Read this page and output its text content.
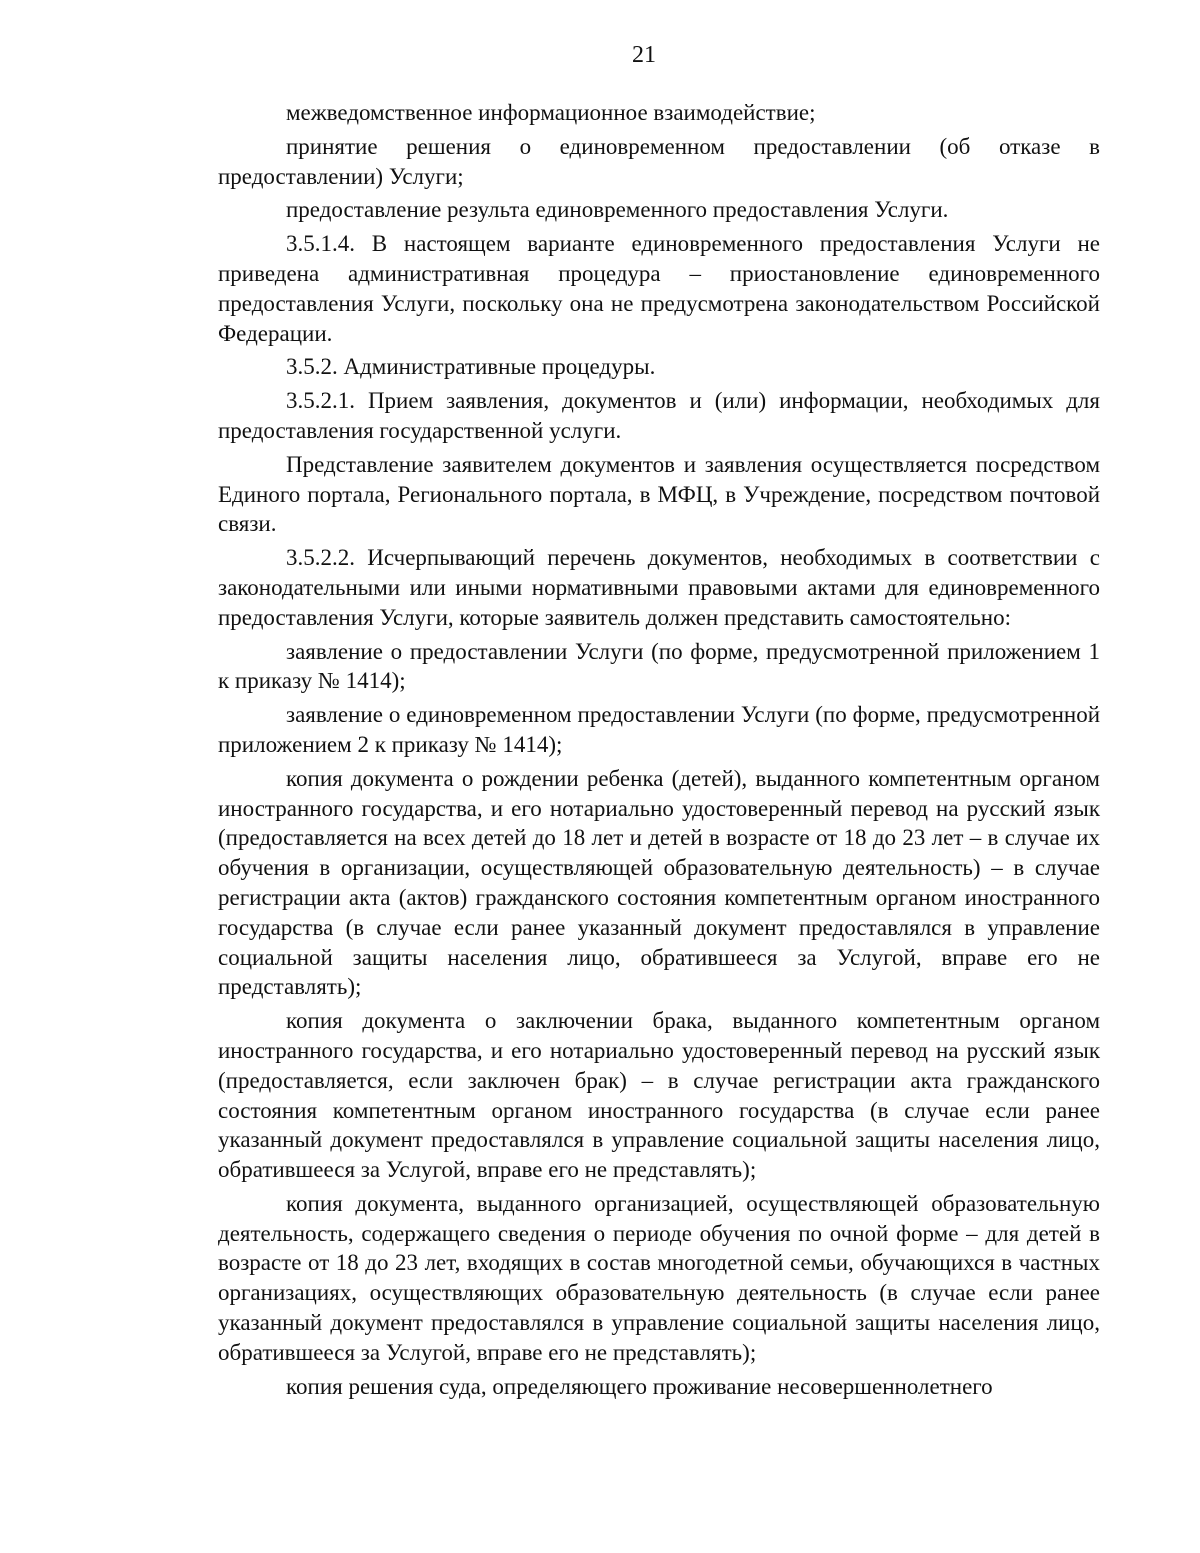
21

межведомственное информационное взаимодействие;

принятие решения о единовременном предоставлении (об отказе в предоставлении) Услуги;

предоставление результа единовременного предоставления Услуги.

3.5.1.4. В настоящем варианте единовременного предоставления Услуги не приведена административная процедура – приостановление единовременного предоставления Услуги, поскольку она не предусмотрена законодательством Российской Федерации.

3.5.2. Административные процедуры.

3.5.2.1. Прием заявления, документов и (или) информации, необходимых для предоставления государственной услуги.

Представление заявителем документов и заявления осуществляется посредством Единого портала, Регионального портала, в МФЦ, в Учреждение, посредством почтовой связи.

3.5.2.2. Исчерпывающий перечень документов, необходимых в соответствии с законодательными или иными нормативными правовыми актами для единовременного предоставления Услуги, которые заявитель должен представить самостоятельно:

заявление о предоставлении Услуги (по форме, предусмотренной приложением 1 к приказу № 1414);

заявление о единовременном предоставлении Услуги (по форме, предусмотренной приложением 2 к приказу № 1414);

копия документа о рождении ребенка (детей), выданного компетентным органом иностранного государства, и его нотариально удостоверенный перевод на русский язык (предоставляется на всех детей до 18 лет и детей в возрасте от 18 до 23 лет – в случае их обучения в организации, осуществляющей образовательную деятельность) – в случае регистрации акта (актов) гражданского состояния компетентным органом иностранного государства (в случае если ранее указанный документ предоставлялся в управление социальной защиты населения лицо, обратившееся за Услугой, вправе его не представлять);

копия документа о заключении брака, выданного компетентным органом иностранного государства, и его нотариально удостоверенный перевод на русский язык (предоставляется, если заключен брак) – в случае регистрации акта гражданского состояния компетентным органом иностранного государства (в случае если ранее указанный документ предоставлялся в управление социальной защиты населения лицо, обратившееся за Услугой, вправе его не представлять);

копия документа, выданного организацией, осуществляющей образовательную деятельность, содержащего сведения о периоде обучения по очной форме – для детей в возрасте от 18 до 23 лет, входящих в состав многодетной семьи, обучающихся в частных организациях, осуществляющих образовательную деятельность (в случае если ранее указанный документ предоставлялся в управление социальной защиты населения лицо, обратившееся за Услугой, вправе его не представлять);

копия решения суда, определяющего проживание несовершеннолетнего
